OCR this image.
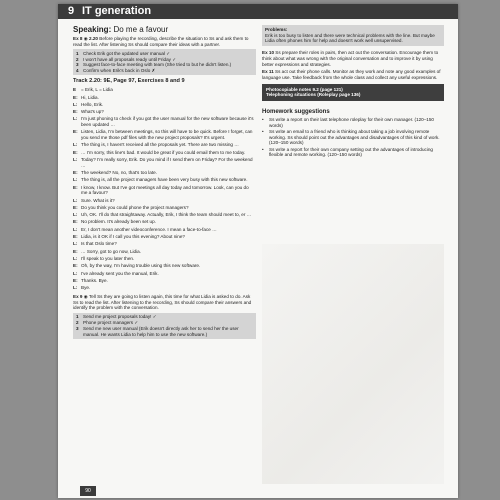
9 IT generation
Speaking: Do me a favour

Ex 8 ◉ 2.20 Before playing the recording, describe the situation to Ss and ask them to read the list. After listening Ss should compare their ideas with a partner.

1 Check Erik got the updated user manual ✓
2 I won't have all proposals ready until Friday ✓
3 Suggest face-to-face meeting with team (She tried to but he didn't listen.)
4 Confirm when Erik's back in Oslo ✗
Track 2.20: 9E, Page 97, Exercises 8 and 9
E	= Erik, L = Lidia
E: Hi, Lidia.
L: Hello, Erik.
E: What's up?
L: I'm just phoning to check if you got the user manual for the new software because it's been updated …
E: Listen, Lidia, I'm between meetings, so this will have to be quick. Before I forget, can you send me those pdf files with the new project proposals? It's urgent.
L: The thing is, I haven't received all the proposals yet. There are two missing …
E: … I'm sorry, this line's bad. It would be great if you could email them to me today.
L: Today? I'm really sorry, Erik. Do you mind if I send them on Friday? For the weekend …
E: The weekend? No, no, that's too late.
L: The thing is, all the project managers have been very busy with this new software.
E: I know, I know. But I've got meetings all day today and tomorrow. Look, can you do me a favour?
L: Sure. What is it?
E: Do you think you could phone the project managers?
L: Uh, OK. I'll do that straightaway. Actually, Erik, I think the team should meet to, er …
E: No problem. It's already been set up.
L: Er, I don't mean another videoconference. I mean a face-to-face …
E: Lidia, is it OK if I call you this evening? About nine?
L: Is that Oslo time?
E: … Sorry, got to go now, Lidia.
L: I'll speak to you later then.
E: Oh, by the way, I'm having trouble using this new software.
L: I've already sent you the manual, Erik.
E: Thanks. Bye.
L: Bye.

Ex 9 ◉ Tell Ss they are going to listen again, this time for what Lidia is asked to do. Ask Ss to read the list. After listening to the recording, Ss should compare their answers and identify the problem with the conversation.

1 Send me project proposals today! ✓
2 Phone project managers ✓
3 Send me new user manual (Erik doesn't directly ask her to send her the user manual. He wants Lidia to help him to use the new software.)
Problems:
Erik is too busy to listen and there were technical problems with the line. But maybe Lidia often phones him for help and doesn't work well unsupervised.

Ex 10 Ss prepare their roles in pairs, then act out the conversation. Encourage them to think about what was wrong with the original conversation and to improve it by using better expressions and strategies.

Ex 11 Ss act out their phone calls. Monitor as they work and note any good examples of language use. Take feedback from the whole class and collect any useful expressions.

Photocopiable notes 9.2 (page 121)
Telephoning situations (Roleplay page 136)
Homework suggestions
•	Ss write a report on their last telephone roleplay for their own manager. (120–150 words)
•	Ss write an email to a friend who is thinking about taking a job involving remote working. Ss should point out the advantages and disadvantages of this kind of work. (120–150 words)
•	Ss write a report for their own company setting out the advantages of introducing flexible and remote working. (120–150 words)
90
